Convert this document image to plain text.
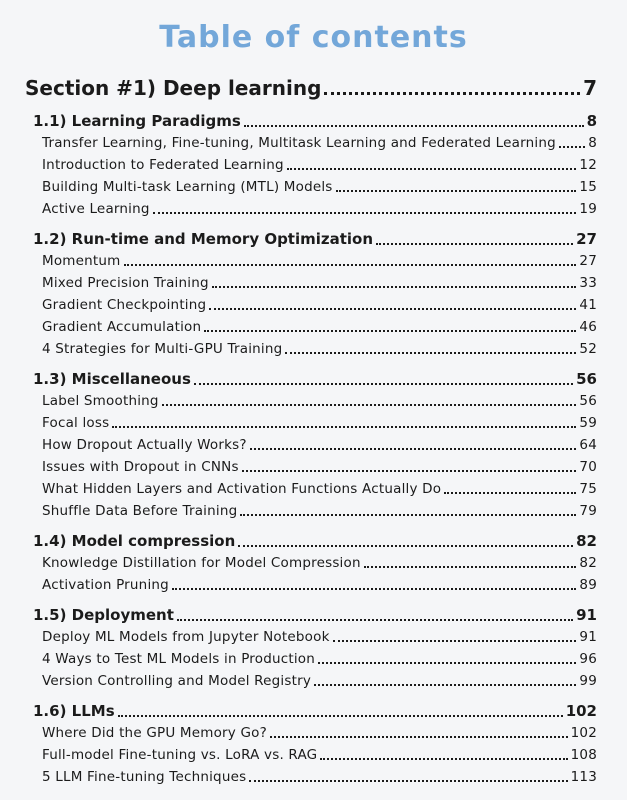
Table of contents
Section #1) Deep learning	7
1.1) Learning Paradigms	8
Transfer Learning, Fine-tuning, Multitask Learning and Federated Learning 8
Introduction to Federated Learning	12
Building Multi-task Learning (MTL) Models	15
Active Learning	19
1.2) Run-time and Memory Optimization	27
Momentum	27
Mixed Precision Training	33
Gradient Checkpointing	41
Gradient Accumulation	46
4 Strategies for Multi-GPU Training	52
1.3) Miscellaneous	56
Label Smoothing	56
Focal loss	59
How Dropout Actually Works?	64
Issues with Dropout in CNNs	70
What Hidden Layers and Activation Functions Actually Do	75
Shuffle Data Before Training	79
1.4) Model compression	82
Knowledge Distillation for Model Compression	82
Activation Pruning	89
1.5) Deployment	91
Deploy ML Models from Jupyter Notebook	91
4 Ways to Test ML Models in Production	96
Version Controlling and Model Registry	99
1.6) LLMs	102
Where Did the GPU Memory Go?	102
Full-model Fine-tuning vs. LoRA vs. RAG	108
5 LLM Fine-tuning Techniques	113
